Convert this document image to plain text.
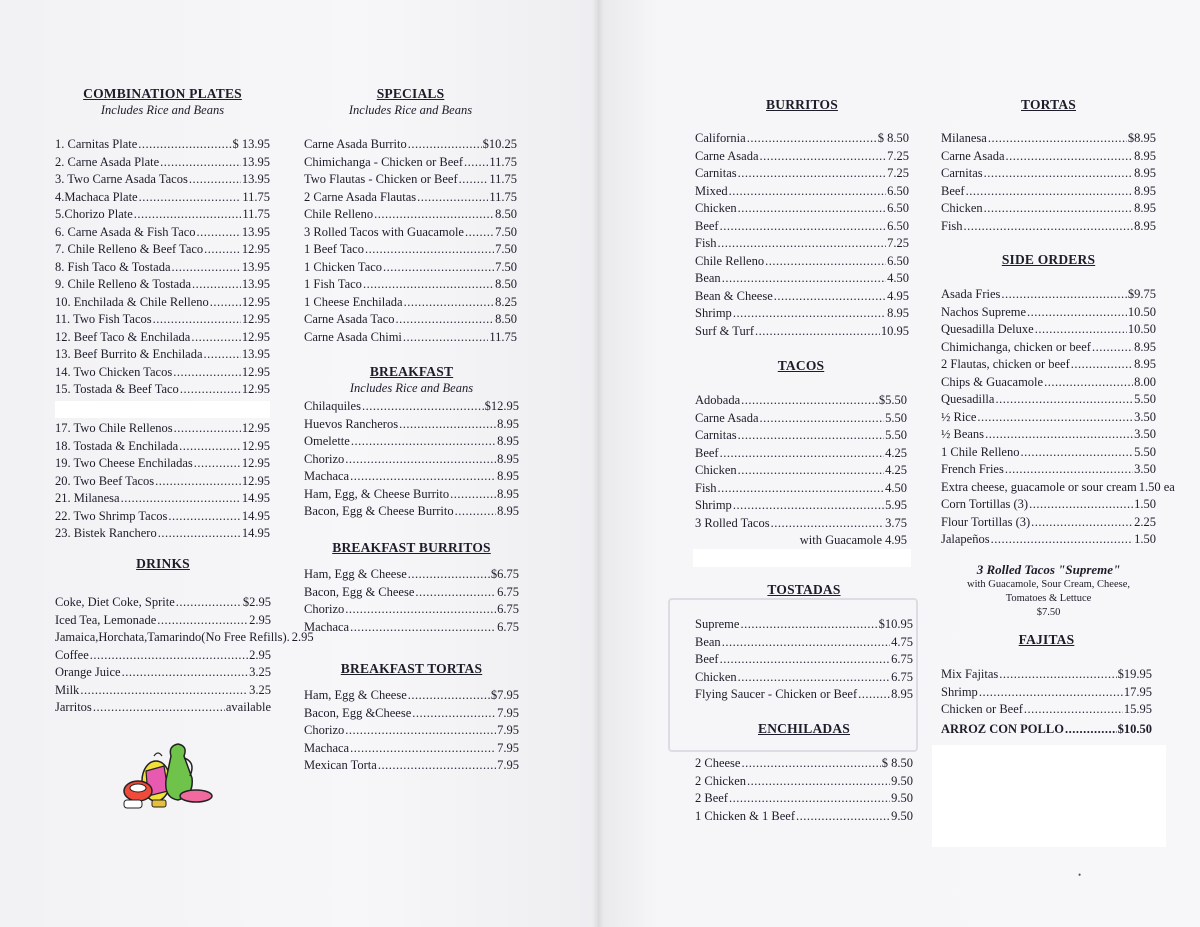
COMBINATION PLATES
Includes Rice and Beans
1. Carnitas Plate .....	$ 13.95
2. Carne Asada Plate .....	13.95
3. Two Carne Asada Tacos .....	13.95
4.Machaca Plate .....	11.75
5.Chorizo Plate .....	11.75
6. Carne Asada & Fish Taco .....	13.95
7. Chile Relleno & Beef Taco .....	12.95
8. Fish Taco & Tostada .....	13.95
9. Chile Relleno & Tostada .....	13.95
10. Enchilada & Chile Relleno .....	12.95
11. Two Fish Tacos .....	12.95
12. Beef Taco & Enchilada .....	12.95
13. Beef Burrito & Enchilada .....	13.95
14. Two Chicken Tacos .....	12.95
15. Tostada & Beef Taco .....	12.95
17. Two Chile Rellenos .....	12.95
18. Tostada & Enchilada .....	12.95
19. Two Cheese Enchiladas .....	12.95
20. Two Beef Tacos .....	12.95
21. Milanesa .....	14.95
22. Two Shrimp Tacos .....	14.95
23. Bistek Ranchero .....	14.95
DRINKS
Coke, Diet Coke, Sprite .....	$2.95
Iced Tea, Lemonade .....	2.95
Jamaica,Horchata,Tamarindo(No Free Refills). 2.95
Coffee .....	2.95
Orange Juice .....	3.25
Milk .....	3.25
Jarritos .....	available
SPECIALS
Includes Rice and Beans
Carne Asada Burrito .....	$10.25
Chimichanga - Chicken or Beef ..... 11.75
Two Flautas - Chicken or Beef .....	11.75
2 Carne Asada Flautas .....	11.75
Chile Relleno .....	8.50
3 Rolled Tacos with Guacamole ..... 7.50
1 Beef Taco .....	7.50
1 Chicken Taco .....	7.50
1 Fish Taco .....	8.50
1 Cheese Enchilada .....	8.25
Carne Asada Taco .....	8.50
Carne Asada Chimi .....	11.75
BREAKFAST
Includes Rice and Beans
Chilaquiles .....	$12.95
Huevos Rancheros .....	8.95
Omelette .....	8.95
Chorizo .....	8.95
Machaca .....	8.95
Ham, Egg, & Cheese Burrito .....	8.95
Bacon, Egg & Cheese Burrito .....	8.95
BREAKFAST BURRITOS
Ham, Egg & Cheese .....	$6.75
Bacon, Egg & Cheese .....	6.75
Chorizo .....	6.75
Machaca .....	6.75
BREAKFAST TORTAS
Ham, Egg & Cheese .....	$7.95
Bacon, Egg &Cheese .....	7.95
Chorizo .....	7.95
Machaca .....	7.95
Mexican Torta .....	7.95
BURRITOS
California .....	$ 8.50
Carne Asada .....	7.25
Carnitas .....	7.25
Mixed .....	6.50
Chicken .....	6.50
Beef .....	6.50
Fish .....	7.25
Chile Relleno .....	6.50
Bean .....	4.50
Bean & Cheese .....	4.95
Shrimp .....	8.95
Surf & Turf .....	10.95
TACOS
Adobada .....	$5.50
Carne Asada .....	5.50
Carnitas .....	5.50
Beef .....	4.25
Chicken .....	4.25
Fish .....	4.50
Shrimp .....	5.95
3 Rolled Tacos .....	3.75
with Guacamole 4.95
TOSTADAS
Supreme .....	$10.95
Bean .....	4.75
Beef .....	6.75
Chicken .....	6.75
Flying Saucer - Chicken or Beef .....	8.95
ENCHILADAS
2 Cheese .....	$ 8.50
2 Chicken .....	9.50
2 Beef .....	9.50
1 Chicken & 1 Beef .....	9.50
TORTAS
Milanesa .....	$8.95
Carne Asada .....	8.95
Carnitas .....	8.95
Beef .....	8.95
Chicken .....	8.95
Fish .....	8.95
SIDE ORDERS
Asada Fries .....	$9.75
Nachos Supreme .....	10.50
Quesadilla Deluxe .....	10.50
Chimichanga, chicken or beef .....	8.95
2 Flautas, chicken or beef .....	8.95
Chips & Guacamole .....	8.00
Quesadilla .....	5.50
½ Rice .....	3.50
½ Beans .....	3.50
1 Chile Relleno .....	5.50
French Fries .....	3.50
Extra cheese, guacamole or sour cream 1.50 ea
Corn Tortillas (3) .....	1.50
Flour Tortillas (3) .....	2.25
Jalapeños .....	1.50
3 Rolled Tacos "Supreme"
with Guacamole, Sour Cream, Cheese,
Tomatoes & Lettuce
$7.50
FAJITAS
Mix Fajitas .....	$19.95
Shrimp .....	17.95
Chicken or Beef .....	15.95
ARROZ CON POLLO .....	$10.50
•
